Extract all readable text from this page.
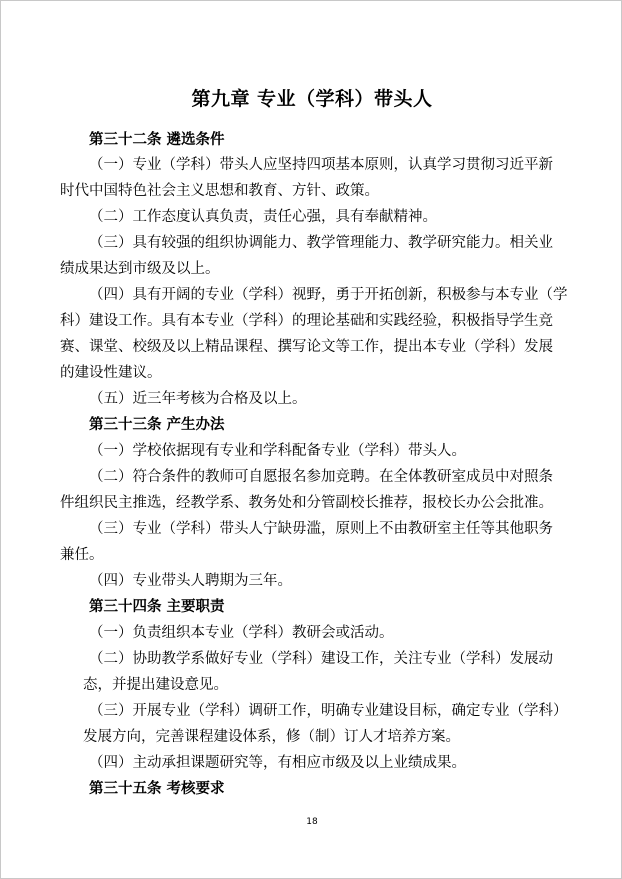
第九章 专业（学科）带头人
第三十二条 遴选条件
（一）专业（学科）带头人应坚持四项基本原则，认真学习贯彻习近平新
时代中国特色社会主义思想和教育、方针、政策。
（二）工作态度认真负责，责任心强，具有奉献精神。
（三）具有较强的组织协调能力、教学管理能力、教学研究能力。相关业
绩成果达到市级及以上。
（四）具有开阔的专业（学科）视野，勇于开拓创新，积极参与本专业（学
科）建设工作。具有本专业（学科）的理论基础和实践经验，积极指导学生竞
赛、课堂、校级及以上精品课程、撰写论文等工作，提出本专业（学科）发展
的建设性建议。
（五）近三年考核为合格及以上。
第三十三条 产生办法
（一）学校依据现有专业和学科配备专业（学科）带头人。
（二）符合条件的教师可自愿报名参加竞聘。在全体教研室成员中对照条
件组织民主推选，经教学系、教务处和分管副校长推荐，报校长办公会批准。
（三）专业（学科）带头人宁缺毋滥，原则上不由教研室主任等其他职务
兼任。
（四）专业带头人聘期为三年。
第三十四条 主要职责
（一）负责组织本专业（学科）教研会或活动。
（二）协助教学系做好专业（学科）建设工作，关注专业（学科）发展动
态，并提出建设意见。
（三）开展专业（学科）调研工作，明确专业建设目标，确定专业（学科）
发展方向，完善课程建设体系，修（制）订人才培养方案。
（四）主动承担课题研究等，有相应市级及以上业绩成果。
第三十五条 考核要求
18
